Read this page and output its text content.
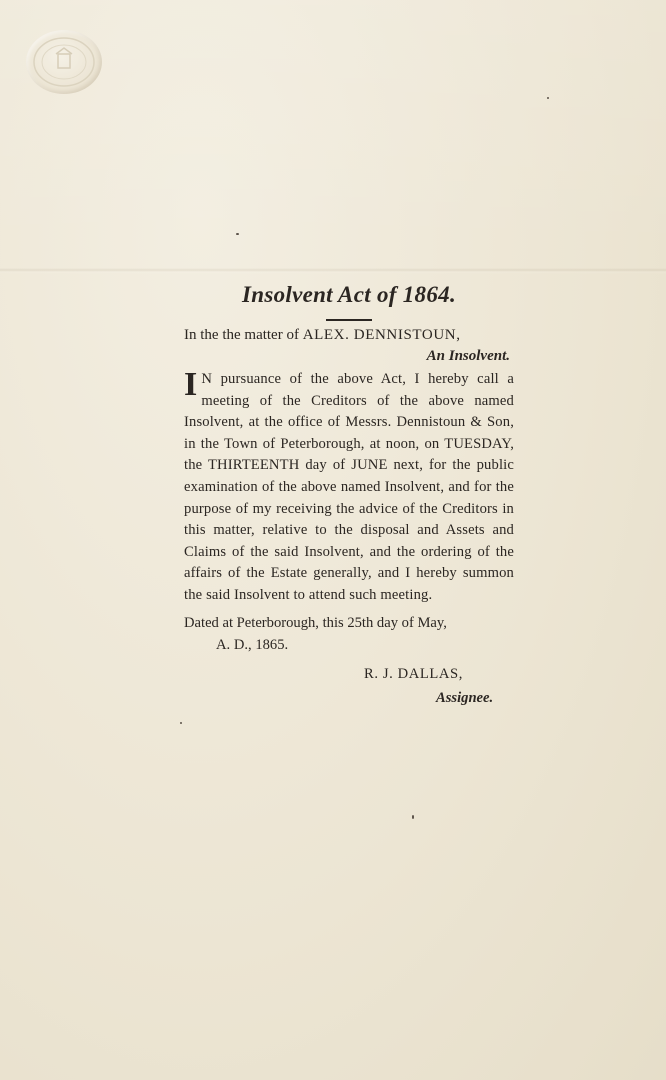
Insolvent Act of 1864.

In the the matter of ALEX. DENNISTOUN,

An Insolvent.

I N pursuance of the above Act, I hereby call a meeting of the Creditors of the above named Insolvent, at the office of Messrs. Dennistoun & Son, in the Town of Peterborough, at noon, on TUESDAY, the THIRTEENTH day of JUNE next, for the public examination of the above named Insolvent, and for the purpose of my receiving the advice of the Creditors in this matter, relative to the disposal and Assets and Claims of the said Insolvent, and the ordering of the affairs of the Estate generally, and I hereby summon the said Insolvent to attend such meeting.

Dated at Peterborough, this 25th day of May,

A. D., 1865.

R. J. DALLAS,

Assignee.
